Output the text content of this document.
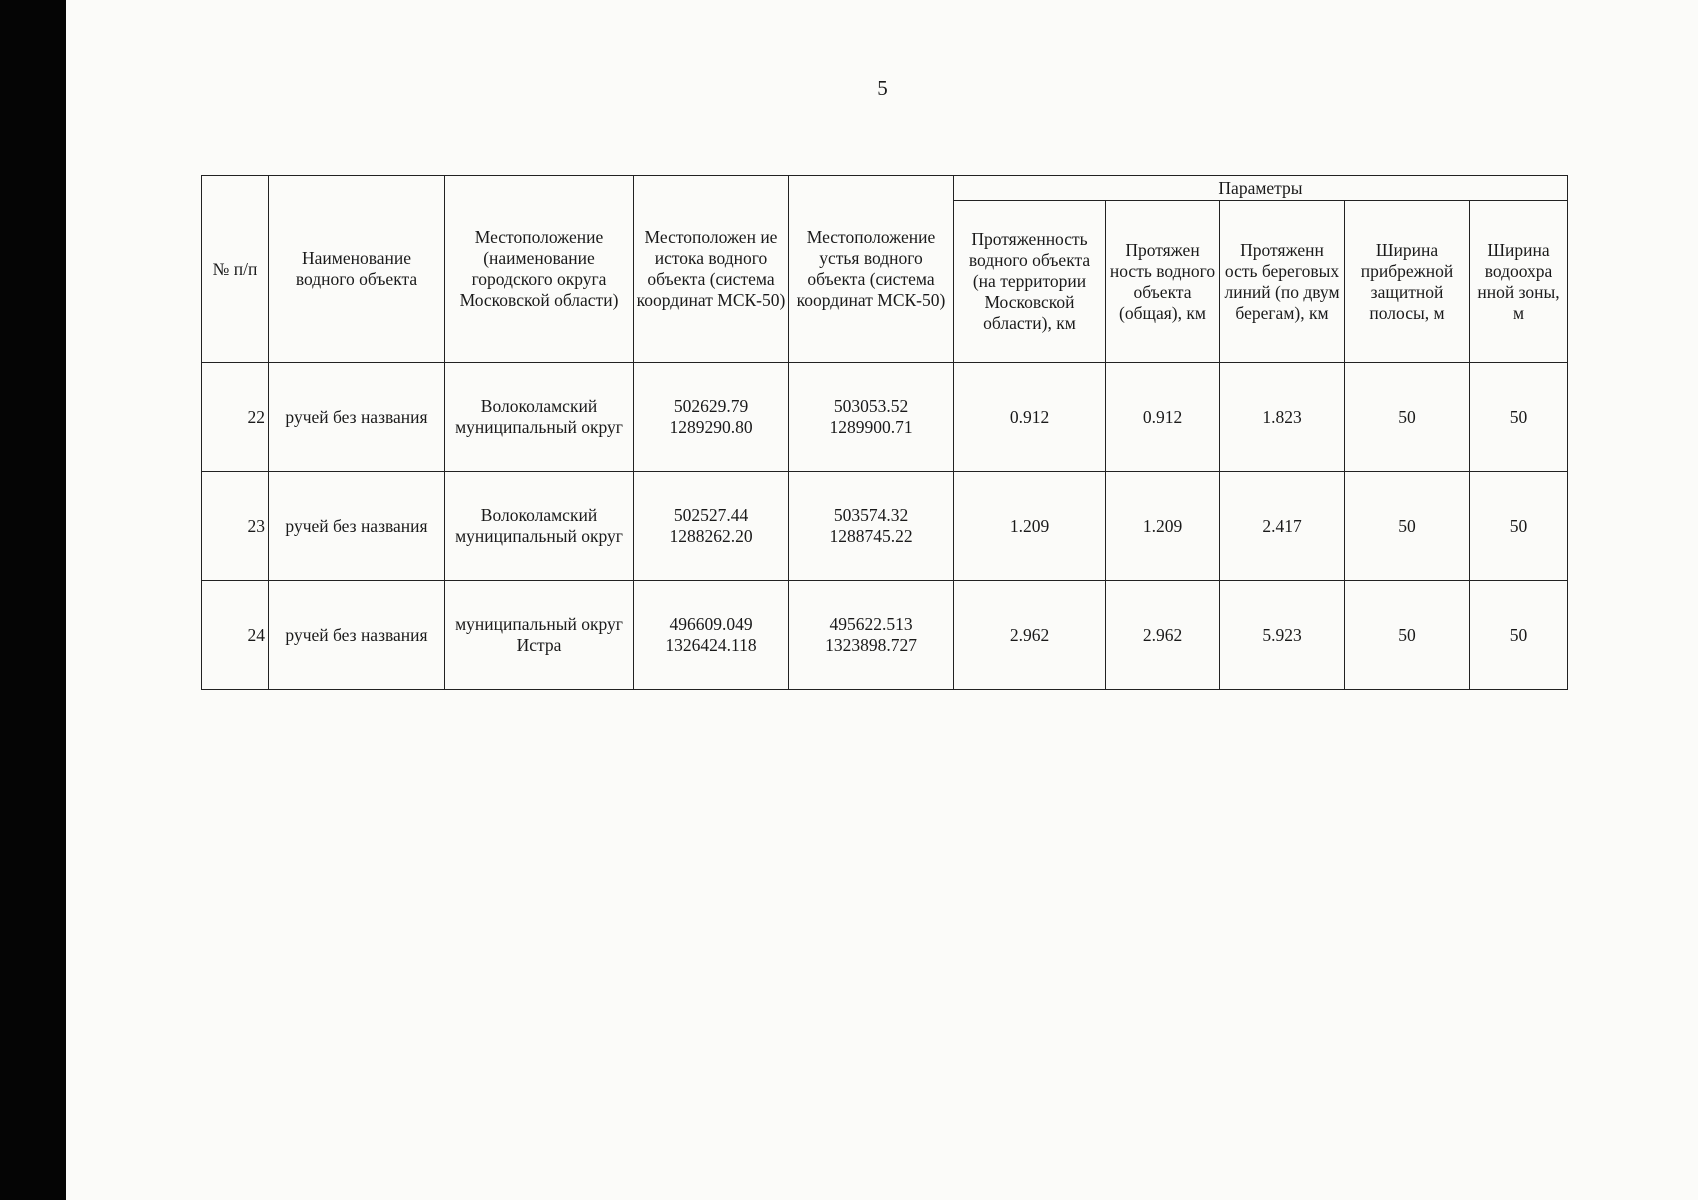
5
№ п/п	Наименование водного объекта	Местоположение (наименование городского округа Московской области)	Местоположен ие истока водного объекта (система координат МСК-50)	Местоположение устья водного объекта (система координат МСК-50)	Параметры				
					Протяженность водного объекта (на территории Московской области), км	Протяжен ность водного объекта (общая), км	Протяженн ость береговых линий (по двум берегам), км	Ширина прибрежной защитной полосы, м	Ширина водоохра нной зоны, м
22	ручей без названия	Волоколамский муниципальный округ	502629.79
1289290.80	503053.52
1289900.71	0.912	0.912	1.823	50	50
23	ручей без названия	Волоколамский муниципальный округ	502527.44
1288262.20	503574.32
1288745.22	1.209	1.209	2.417	50	50
24	ручей без названия	муниципальный округ Истра	496609.049
1326424.118	495622.513
1323898.727	2.962	2.962	5.923	50	50
